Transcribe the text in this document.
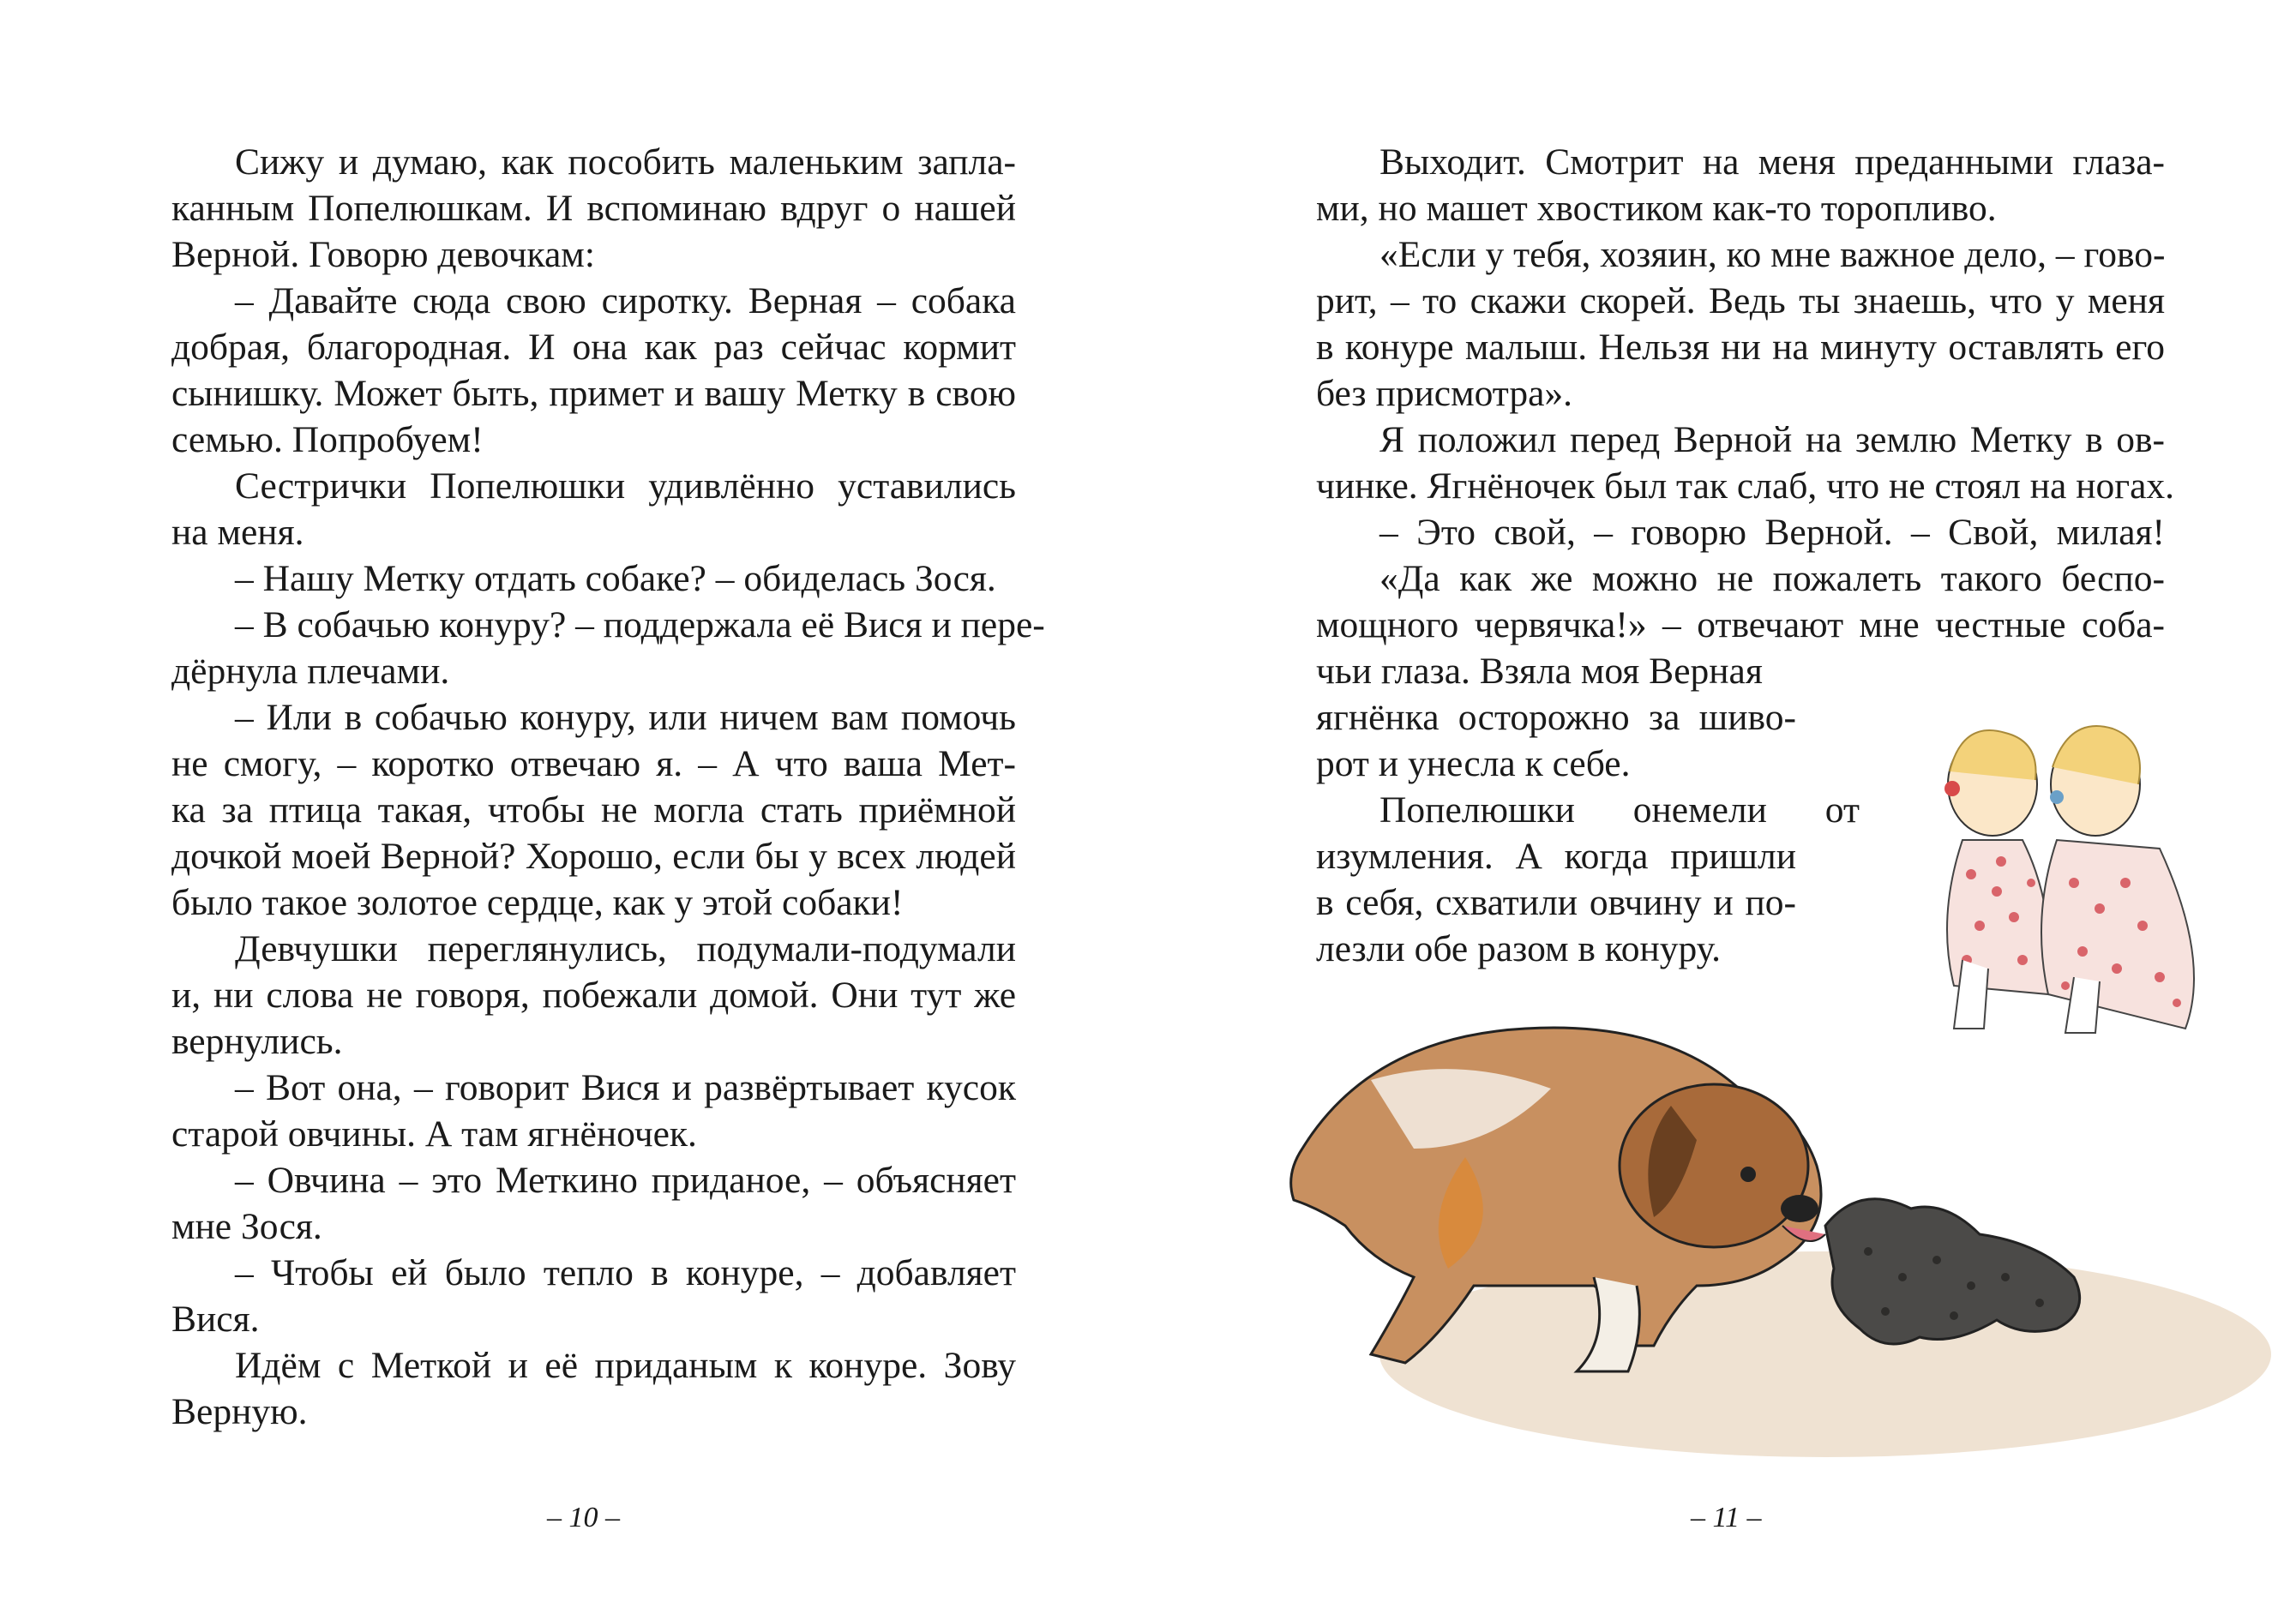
Сижу и думаю, как пособить маленьким запла-
канным Попелюшкам. И вспоминаю вдруг о нашей
Верной. Говорю девочкам:
– Давайте сюда свою сиротку. Верная – собака
добрая, благородная. И она как раз сейчас кормит
сынишку. Может быть, примет и вашу Метку в свою
семью. Попробуем!
Сестрички Попелюшки удивлённо уставились
на меня.
– Нашу Метку отдать собаке? – обиделась Зося.
– В собачью конуру? – поддержала её Вися и пере-
дёрнула плечами.
– Или в собачью конуру, или ничем вам помочь
не смогу, – коротко отвечаю я. – А что ваша Мет-
ка за птица такая, чтобы не могла стать приёмной
дочкой моей Верной? Хорошо, если бы у всех людей
было такое золотое сердце, как у этой собаки!
Девчушки переглянулись, подумали-подумали
и, ни слова не говоря, побежали домой. Они тут же
вернулись.
– Вот она, – говорит Вися и развёртывает кусок
старой овчины. А там ягнёночек.
– Овчина – это Меткино приданое, – объясняет
мне Зося.
– Чтобы ей было тепло в конуре, – добавляет
Вися.
Идём с Меткой и её приданым к конуре. Зову
Верную.
– 10 –
Выходит. Смотрит на меня преданными глаза-
ми, но машет хвостиком как-то торопливо.
«Если у тебя, хозяин, ко мне важное дело, – гово-
рит, – то скажи скорей. Ведь ты знаешь, что у меня
в конуре малыш. Нельзя ни на минуту оставлять его
без присмотра».
Я положил перед Верной на землю Метку в ов-
чинке. Ягнёночек был так слаб, что не стоял на ногах.
– Это свой, – говорю Верной. – Свой, милая!
«Да как же можно не пожалеть такого беспо-
мощного червячка!» – отвечают мне честные соба-
чьи глаза. Взяла моя Верная
ягнёнка осторожно за шиво-
рот и унесла к себе.
Попелюшки онемели от
изумления. А когда пришли
в себя, схватили овчину и по-
лезли обе разом в конуру.
– 11 –
